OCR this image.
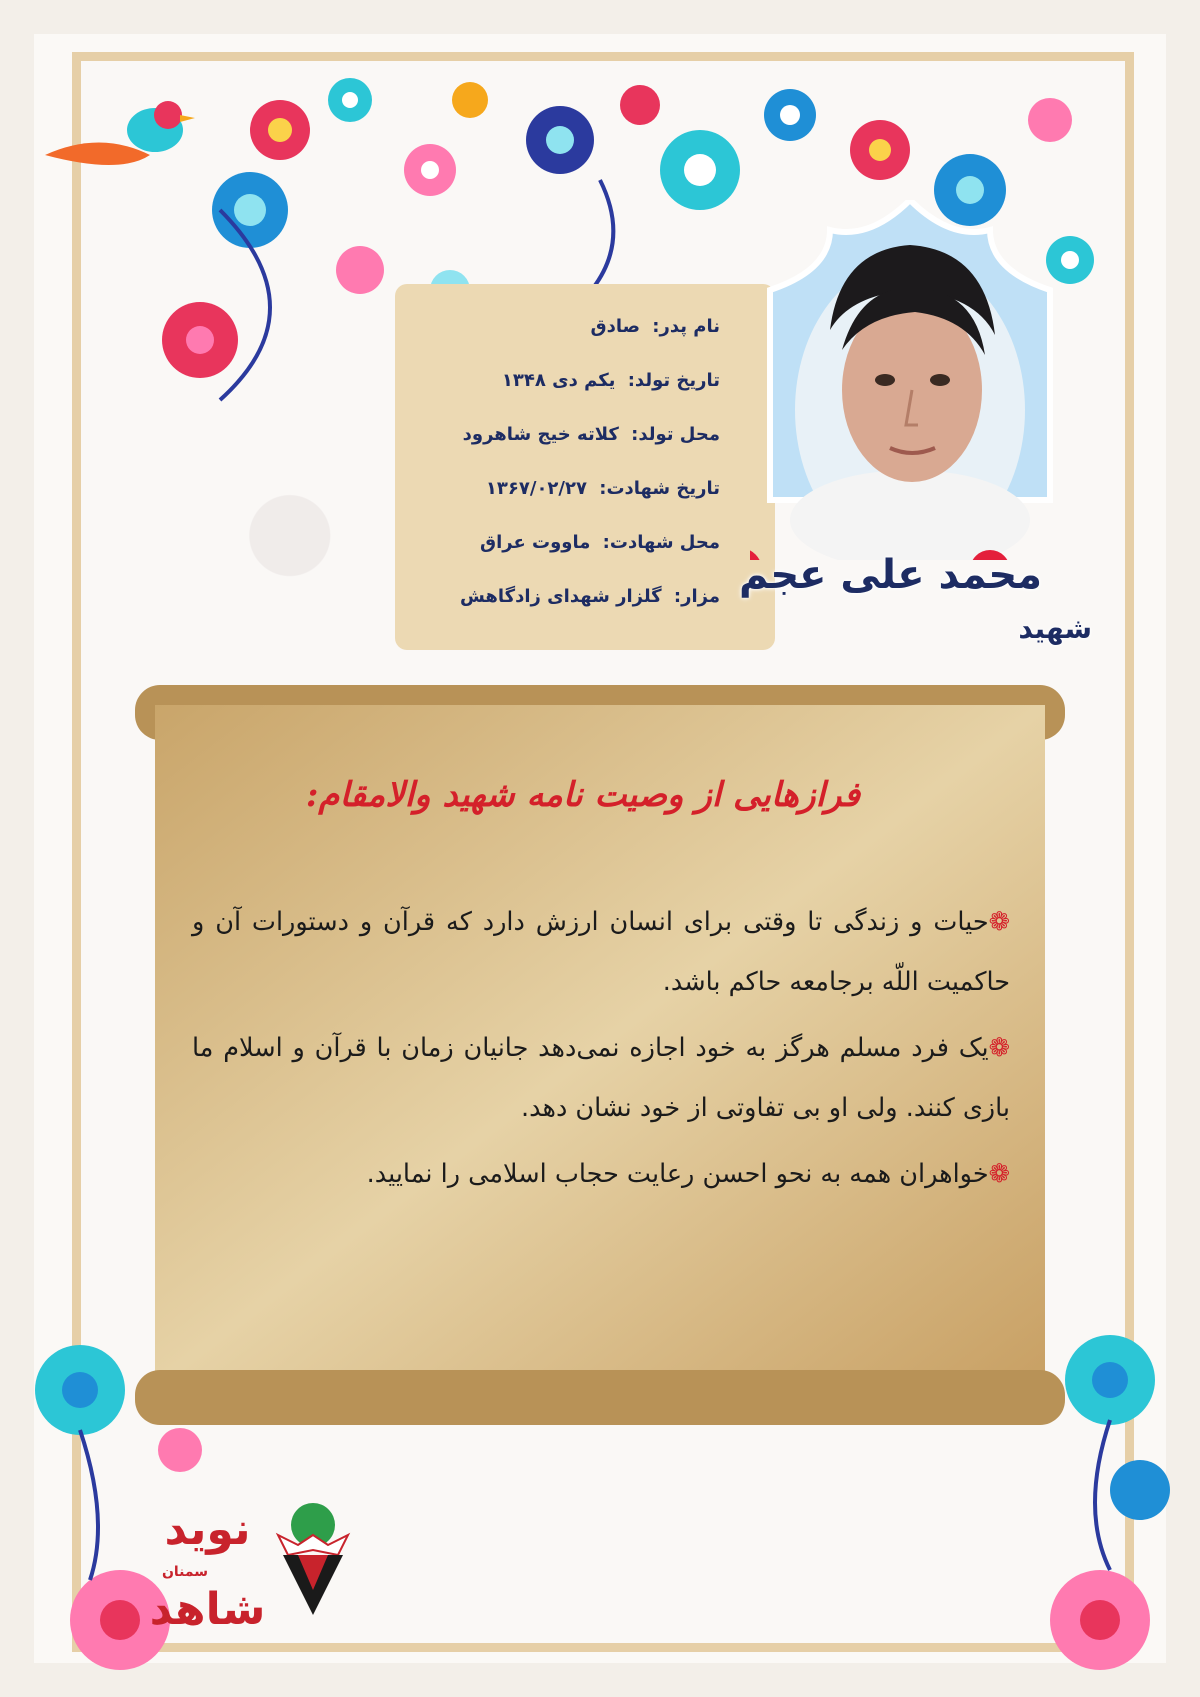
نام پدر: صادق
تاریخ تولد: یکم دی ۱۳۴۸
محل تولد: کلاته خیج شاهرود
تاریخ شهادت: ۱۳۶۷/۰۲/۲۷
محل شهادت: ماووت عراق
مزار: گلزار شهدای زادگاهش	محمد علی عجم
شهید
فرازهایی از وصیت نامه شهید والامقام:

❁حیات و زندگی تا وقتی برای انسان ارزش دارد که قرآن و دستورات آن و حاکمیت اللّه برجامعه حاکم باشد.

❁یک فرد مسلم هرگز به خود اجازه نمی‌دهد جانیان زمان با قرآن و اسلام ما بازی کنند. ولی او بی تفاوتی از خود نشان دهد.

❁خواهران همه به نحو احسن رعایت حجاب اسلامی را نمایید.

نوید شاهد
سمنان
